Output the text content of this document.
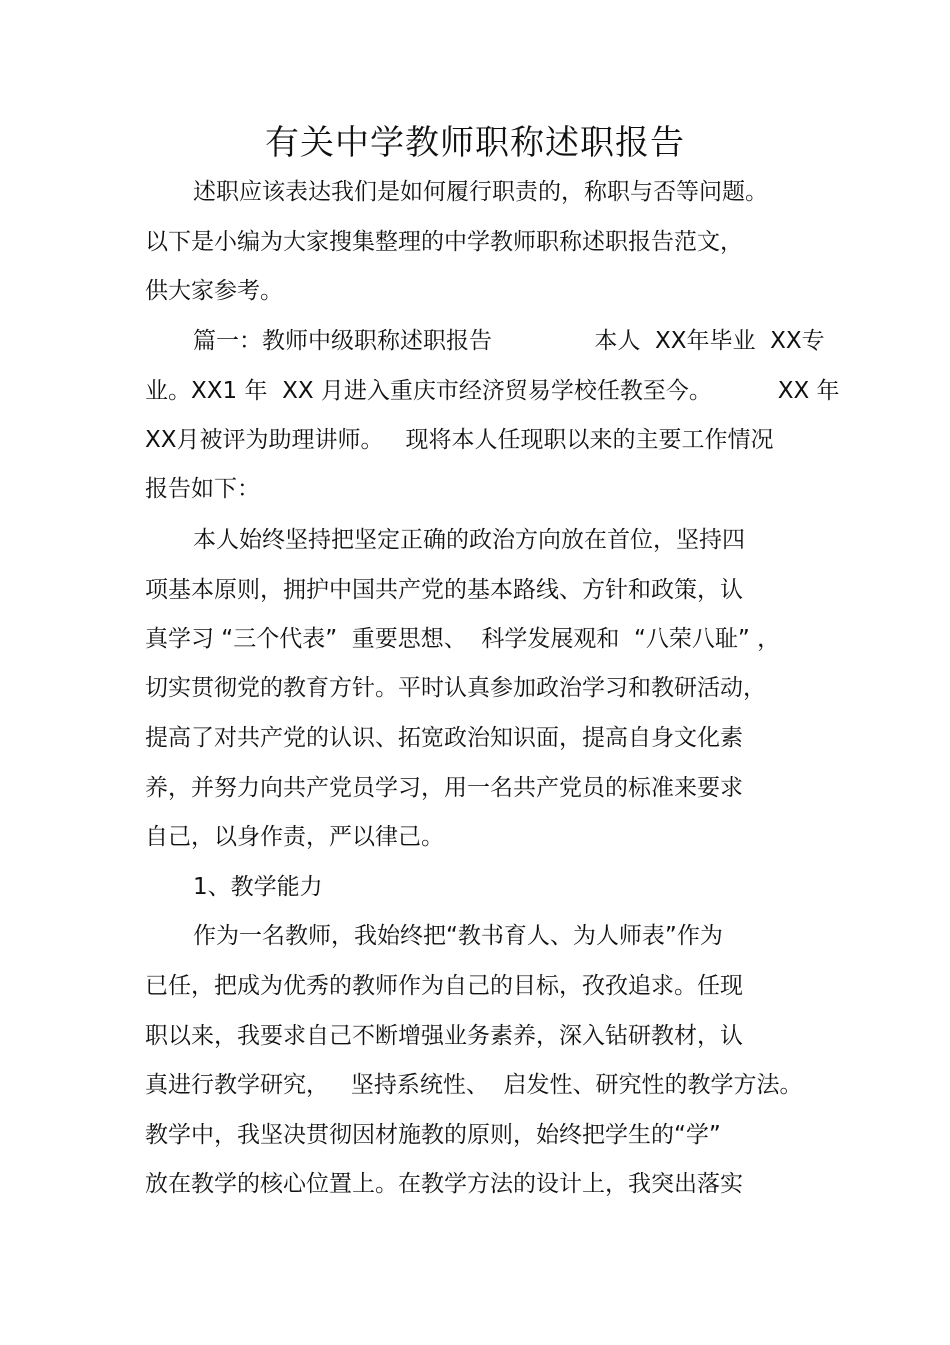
有关中学教师职称述职报告
述职应该表达我们是如何履行职责的，称职与否等问题。
以下是小编为大家搜集整理的中学教师职称述职报告范文，
供大家参考。
篇一：教师中级职称述职报告              本人  XX年毕业  XX专
业。XX1 年  XX 月进入重庆市经济贸易学校任教至今。         XX 年
XX月被评为助理讲师。   现将本人任现职以来的主要工作情况
报告如下：
本人始终坚持把坚定正确的政治方向放在首位，坚持四
项基本原则，拥护中国共产党的基本路线、方针和政策，认
真学习 “三个代表”  重要思想、  科学发展观和  “八荣八耻” ，
切实贯彻党的教育方针。平时认真参加政治学习和教研活动，
提高了对共产党的认识、拓宽政治知识面，提高自身文化素
养，并努力向共产党员学习，用一名共产党员的标准来要求
自己，以身作责，严以律己。
1、教学能力
作为一名教师，我始终把“教书育人、为人师表”作为
已任，把成为优秀的教师作为自己的目标，孜孜追求。任现
职以来，我要求自己不断增强业务素养，深入钻研教材，认
真进行教学研究，   坚持系统性、  启发性、研究性的教学方法。
教学中，我坚决贯彻因材施教的原则，始终把学生的“学”
放在教学的核心位置上。在教学方法的设计上，我突出落实
